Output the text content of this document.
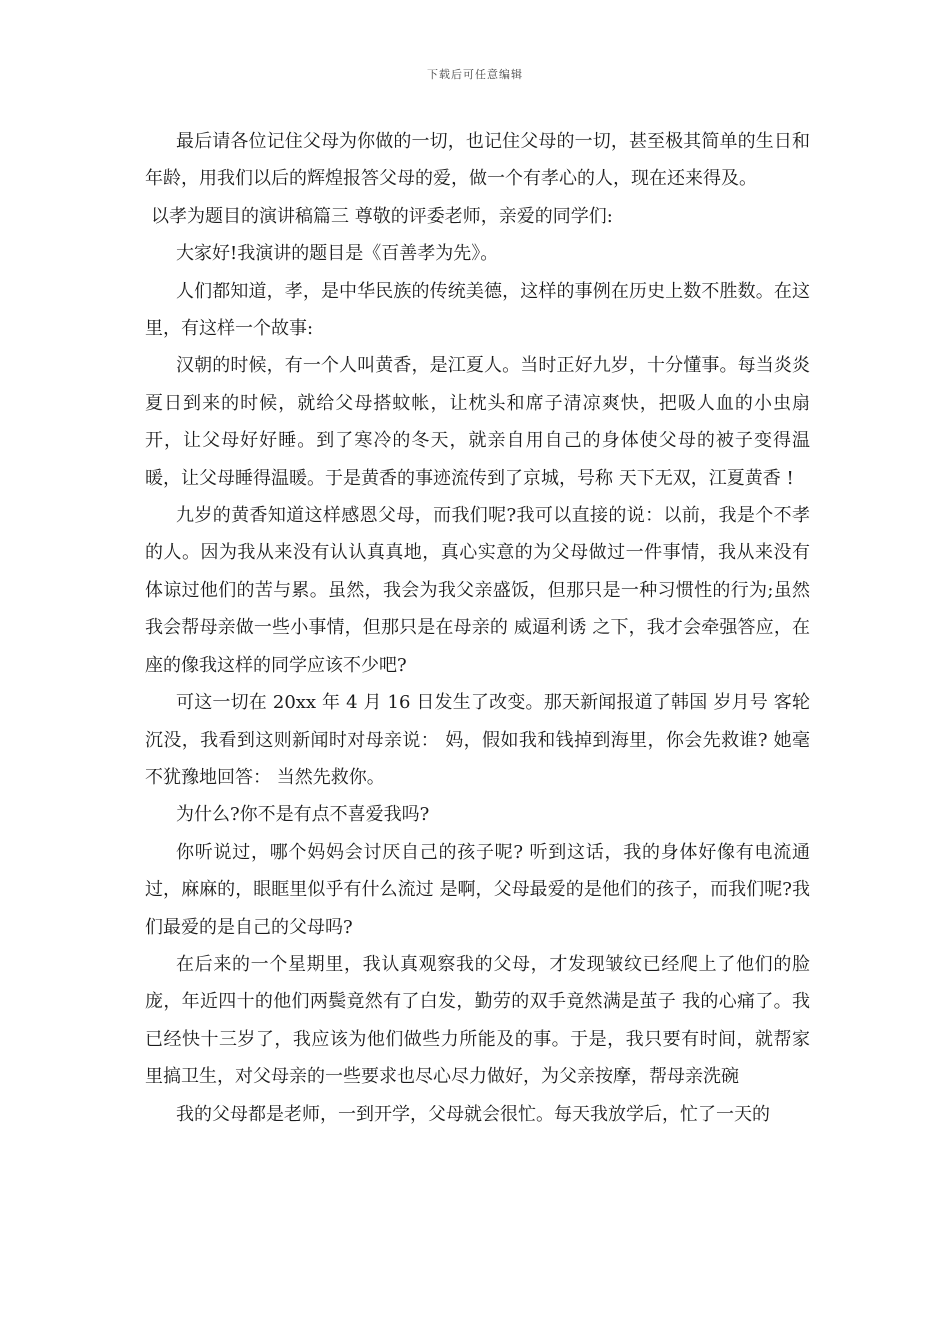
下载后可任意编辑

最后请各位记住父母为你做的一切，也记住父母的一切，甚至极其简单的生日和年龄，用我们以后的辉煌报答父母的爱，做一个有孝心的人，现在还来得及。

以孝为题目的演讲稿篇三 尊敬的评委老师，亲爱的同学们:

大家好!我演讲的题目是《百善孝为先》。

人们都知道，孝，是中华民族的传统美德，这样的事例在历史上数不胜数。在这里，有这样一个故事:

汉朝的时候，有一个人叫黄香，是江夏人。当时正好九岁，十分懂事。每当炎炎夏日到来的时候，就给父母搭蚊帐，让枕头和席子清凉爽快，把吸人血的小虫扇开，让父母好好睡。到了寒冷的冬天，就亲自用自己的身体使父母的被子变得温暖，让父母睡得温暖。于是黄香的事迹流传到了京城，号称 天下无双，江夏黄香 !

九岁的黄香知道这样感恩父母，而我们呢?我可以直接的说：以前，我是个不孝的人。因为我从来没有认认真真地，真心实意的为父母做过一件事情，我从来没有体谅过他们的苦与累。虽然，我会为我父亲盛饭，但那只是一种习惯性的行为;虽然我会帮母亲做一些小事情，但那只是在母亲的 威逼利诱 之下，我才会牵强答应，在座的像我这样的同学应该不少吧?

可这一切在 20xx 年 4 月 16 日发生了改变。那天新闻报道了韩国 岁月号 客轮沉没，我看到这则新闻时对母亲说： 妈，假如我和钱掉到海里，你会先救谁? 她毫不犹豫地回答： 当然先救你。

为什么?你不是有点不喜爱我吗?

你听说过，哪个妈妈会讨厌自己的孩子呢? 听到这话，我的身体好像有电流通过，麻麻的，眼眶里似乎有什么流过 是啊，父母最爱的是他们的孩子，而我们呢?我们最爱的是自己的父母吗?

在后来的一个星期里，我认真观察我的父母，才发现皱纹已经爬上了他们的脸庞，年近四十的他们两鬓竟然有了白发，勤劳的双手竟然满是茧子 我的心痛了。我已经快十三岁了，我应该为他们做些力所能及的事。于是，我只要有时间，就帮家里搞卫生，对父母亲的一些要求也尽心尽力做好，为父亲按摩，帮母亲洗碗

我的父母都是老师，一到开学，父母就会很忙。每天我放学后，忙了一天的
